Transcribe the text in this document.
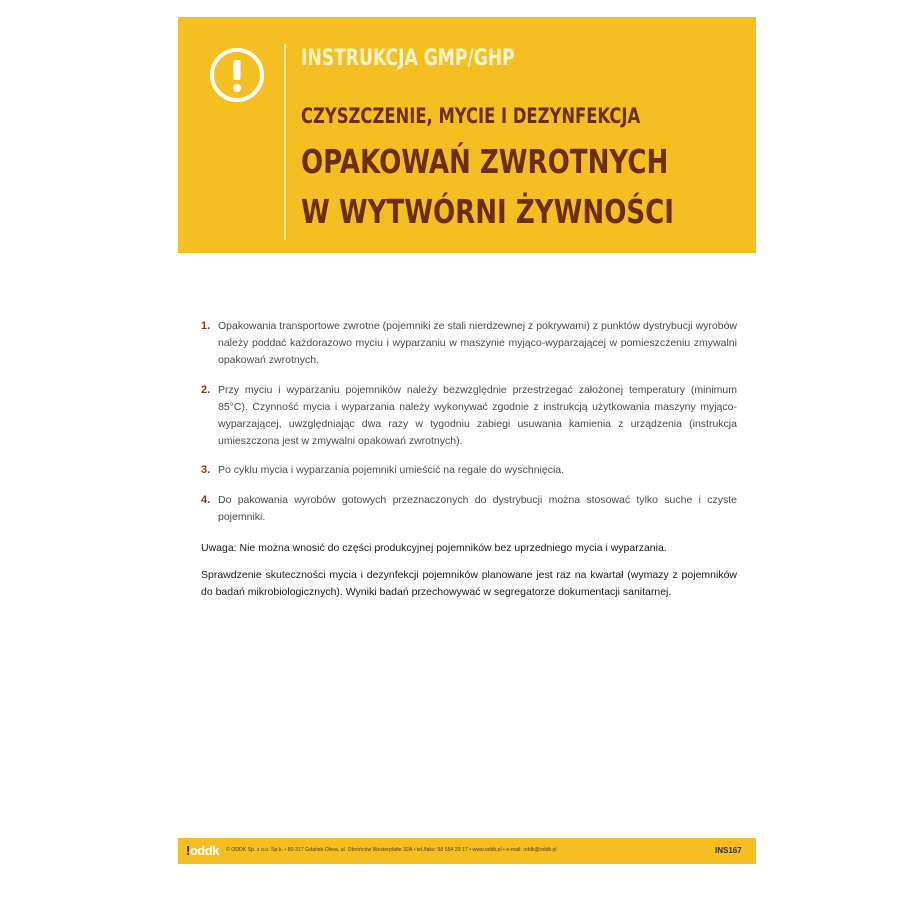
INSTRUKCJA GMP/GHP
CZYSZCZENIE, MYCIE I DEZYNFEKCJA
OPAKOWAŃ ZWROTNYCH
W WYTWÓRNI ŻYWNOŚCI
1. Opakowania transportowe zwrotne (pojemniki ze stali nierdzewnej z pokrywami) z punktów dystrybucji wyrobów należy poddać każdorazowo myciu i wyparzaniu w maszynie myjąco-wyparzającej w pomieszczeniu zmywalni opakowań zwrotnych.
2. Przy myciu i wyparzaniu pojemników należy bezwzględnie przestrzegać założonej temperatury (minimum 85°C). Czynność mycia i wyparzania należy wykonywać zgodnie z instrukcją użytkowania maszyny myjąco-wyparzającej, uwzględniając dwa razy w tygodniu zabiegi usuwania kamienia z urządzenia (instrukcja umieszczona jest w zmywalni opakowań zwrotnych).
3. Po cyklu mycia i wyparzania pojemniki umieścić na regale do wyschnięcia.
4. Do pakowania wyrobów gotowych przeznaczonych do dystrybucji można stosować tylko suche i czyste pojemniki.

Uwaga: Nie można wnosić do części produkcyjnej pojemników bez uprzedniego mycia i wyparzania.

Sprawdzenie skuteczności mycia i dezynfekcji pojemników planowane jest raz na kwartał (wymazy z pojemników do badań mikrobiologicznych). Wyniki badań przechowywać w segregatorze dokumentacji sanitarnej.

!oddk © ODDK Sp. z o.o. Sp.k. • 80-317 Gdańsk-Oliwa, ul. Obrońców Westerplatte 32A • tel./faks: 58 554 29 17 • www.oddk.pl • e-mail: oddk@oddk.pl	INS167
